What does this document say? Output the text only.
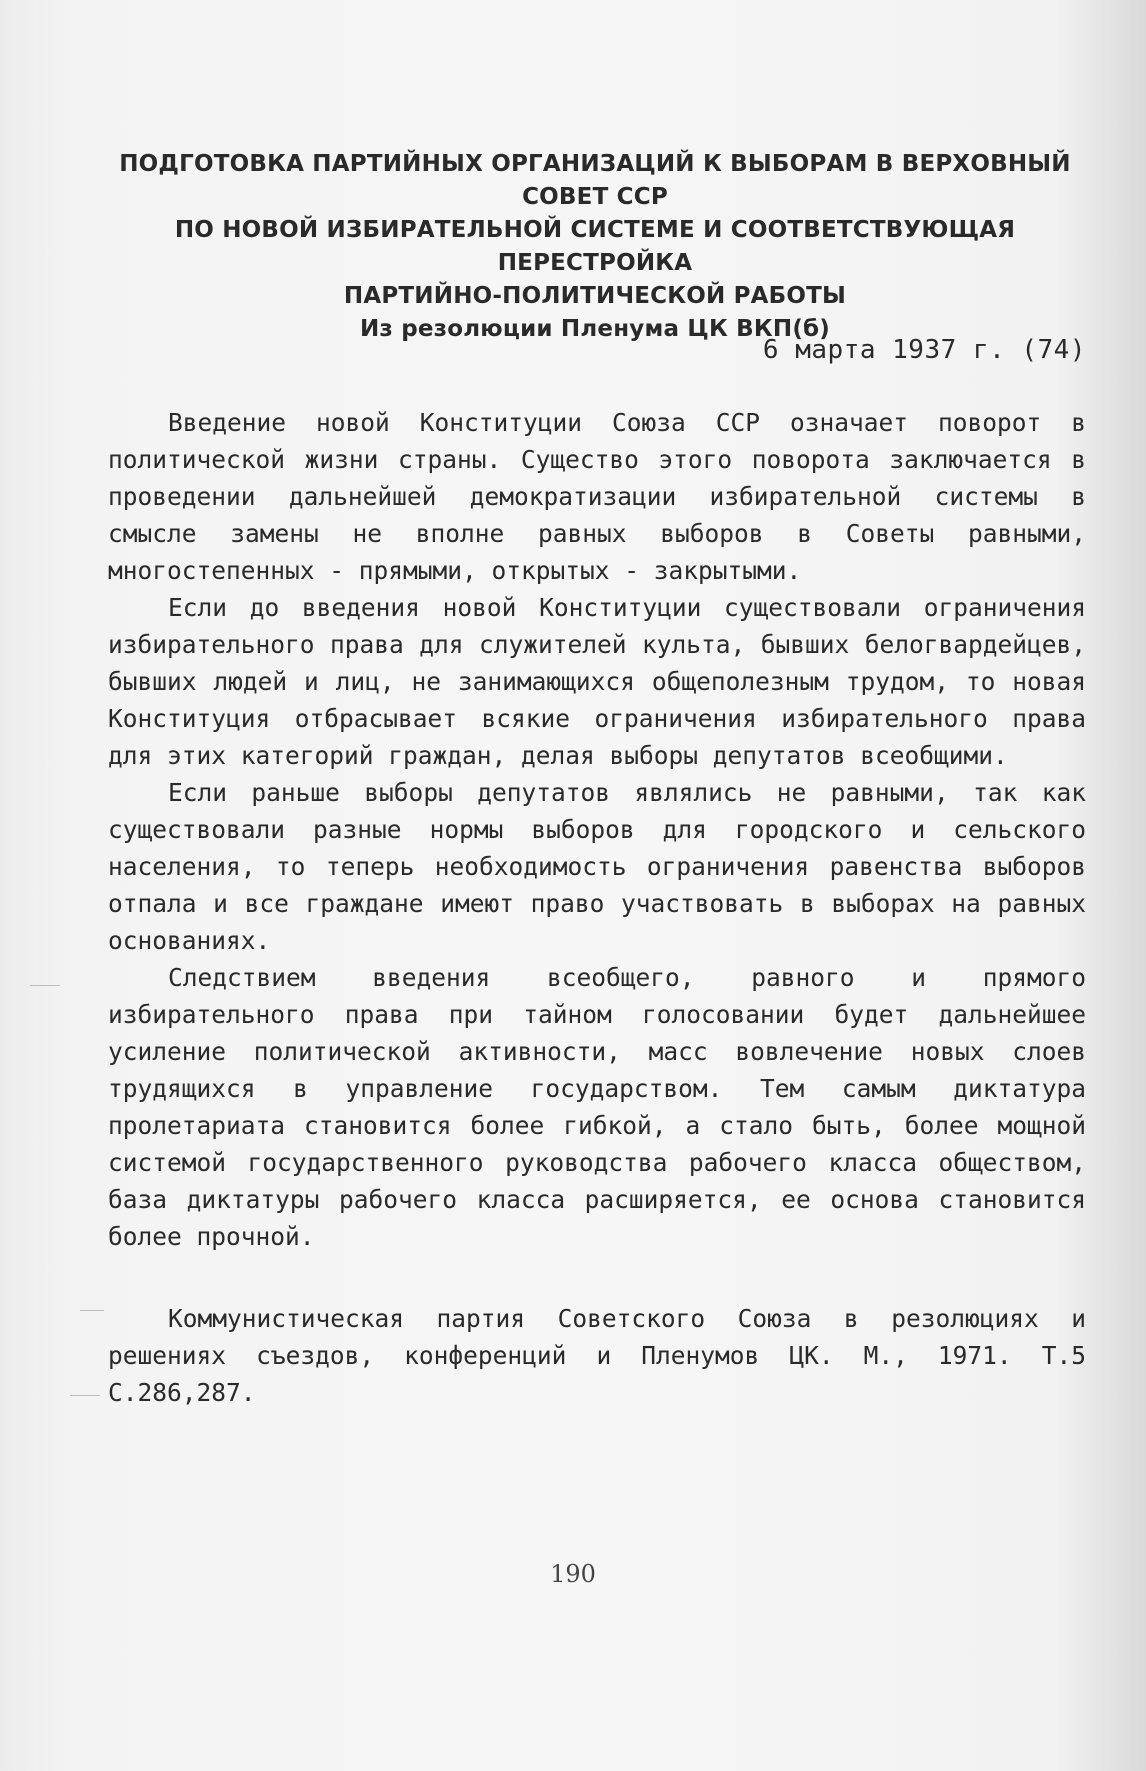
ПОДГОТОВКА ПАРТИЙНЫХ ОРГАНИЗАЦИЙ К ВЫБОРАМ В ВЕРХОВНЫЙ СОВЕТ ССР
ПО НОВОЙ ИЗБИРАТЕЛЬНОЙ СИСТЕМЕ И СООТВЕТСТВУЮЩАЯ ПЕРЕСТРОЙКА
ПАРТИЙНО-ПОЛИТИЧЕСКОЙ РАБОТЫ
Из резолюции Пленума ЦК ВКП(б)
6 марта 1937 г. (74)

Введение новой Конституции Союза ССР означает поворот в политической жизни страны. Существо этого поворота заключается в проведении дальнейшей демократизации избирательной системы в смысле замены не вполне равных выборов в Советы равными, многостепенных - прямыми, открытых - закрытыми.

Если до введения новой Конституции существовали ограничения избирательного права для служителей культа, бывших белогвардейцев, бывших людей и лиц, не занимающихся общеполезным трудом, то новая Конституция отбрасывает всякие ограничения избирательного права для этих категорий граждан, делая выборы депутатов всеобщими.

Если раньше выборы депутатов являлись не равными, так как существовали разные нормы выборов для городского и сельского населения, то теперь необходимость ограничения равенства выборов отпала и все граждане имеют право участвовать в выборах на равных основаниях.

Следствием введения всеобщего, равного и прямого избирательного права при тайном голосовании будет дальнейшее усиление политической активности, масс вовлечение новых слоев трудящихся в управление государством. Тем самым диктатура пролетариата становится более гибкой, а стало быть, более мощной системой государственного руководства рабочего класса обществом, база диктатуры рабочего класса расширяется, ее основа становится более прочной.

Коммунистическая партия Советского Союза в резолюциях и решениях съездов, конференций и Пленумов ЦК. М., 1971. Т.5 С.286,287.
190
